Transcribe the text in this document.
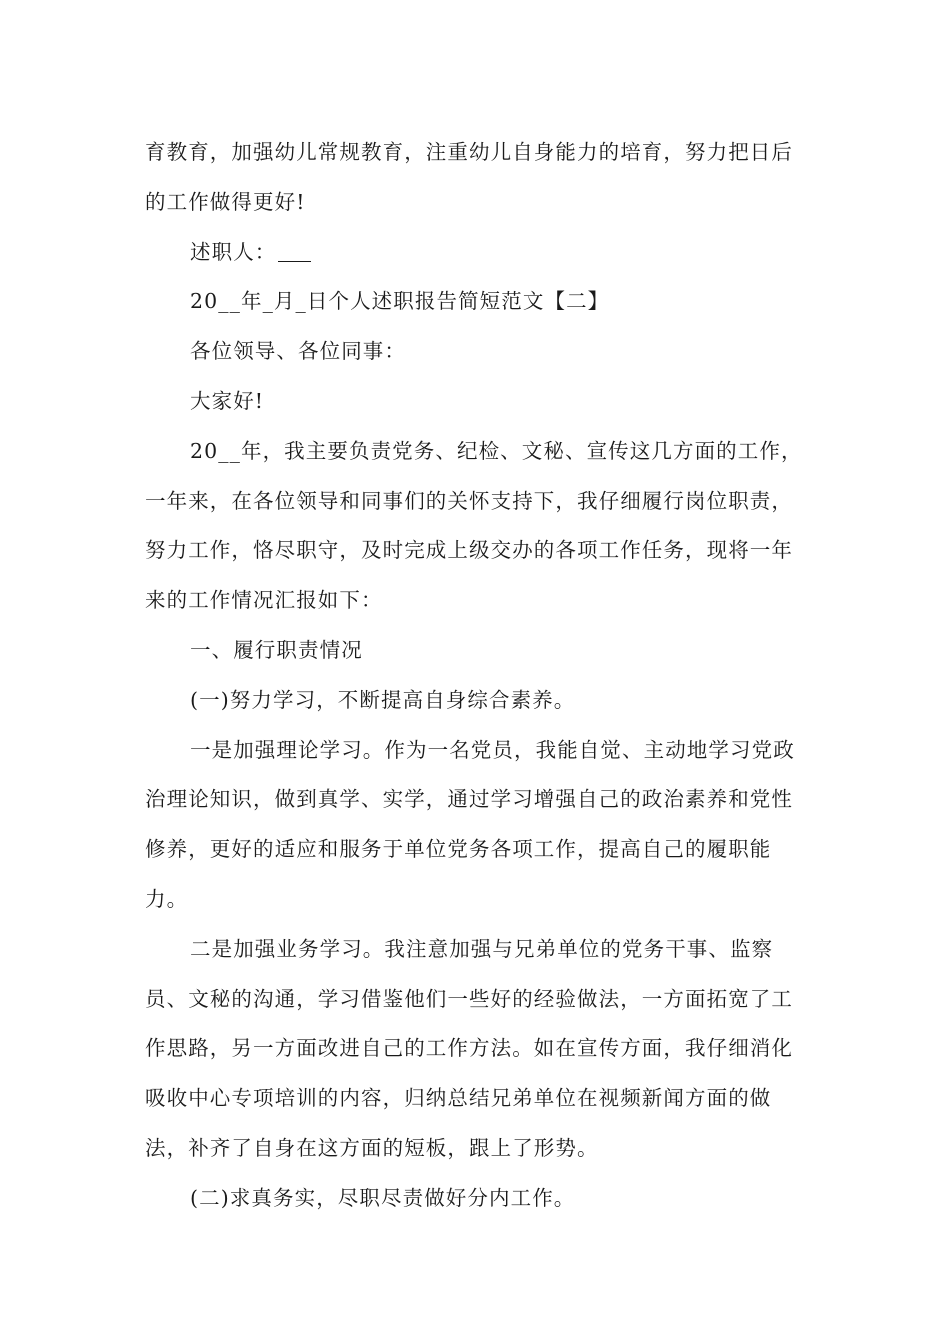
育教育，加强幼儿常规教育，注重幼儿自身能力的培育，努力把日后的工作做得更好!

述职人：

20__年_月_日个人述职报告简短范文【二】

各位领导、各位同事：

大家好!

20__年，我主要负责党务、纪检、文秘、宣传这几方面的工作，一年来，在各位领导和同事们的关怀支持下，我仔细履行岗位职责，努力工作，恪尽职守，及时完成上级交办的各项工作任务，现将一年来的工作情况汇报如下：

一、履行职责情况

(一)努力学习，不断提高自身综合素养。

一是加强理论学习。作为一名党员，我能自觉、主动地学习党政治理论知识，做到真学、实学，通过学习增强自己的政治素养和党性修养，更好的适应和服务于单位党务各项工作，提高自己的履职能力。

二是加强业务学习。我注意加强与兄弟单位的党务干事、监察员、文秘的沟通，学习借鉴他们一些好的经验做法，一方面拓宽了工作思路，另一方面改进自己的工作方法。如在宣传方面，我仔细消化吸收中心专项培训的内容，归纳总结兄弟单位在视频新闻方面的做法，补齐了自身在这方面的短板，跟上了形势。

(二)求真务实，尽职尽责做好分内工作。
